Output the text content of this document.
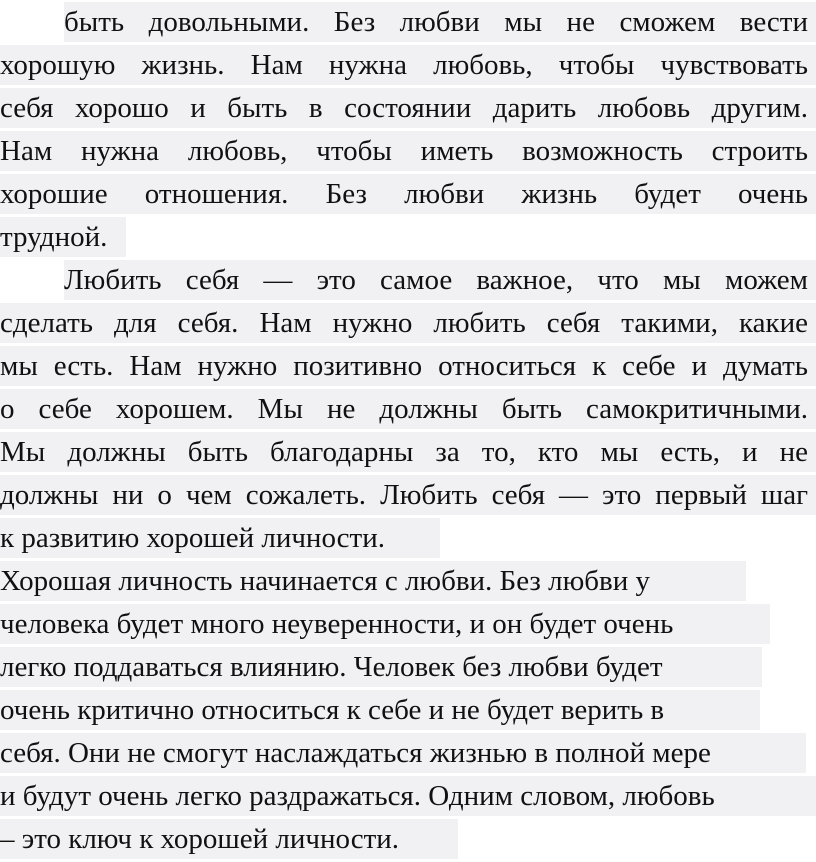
быть довольными. Без любви мы не сможем вести
хорошую жизнь. Нам нужна любовь, чтобы чувствовать
себя хорошо и быть в состоянии дарить любовь другим.
Нам нужна любовь, чтобы иметь возможность строить
хорошие отношения. Без любви жизнь будет очень
трудной.
Любить себя — это самое важное, что мы можем
сделать для себя. Нам нужно любить себя такими, какие
мы есть. Нам нужно позитивно относиться к себе и думать
о себе хорошем. Мы не должны быть самокритичными.
Мы должны быть благодарны за то, кто мы есть, и не
должны ни о чем сожалеть. Любить себя — это первый шаг
к развитию хорошей личности.
Хорошая личность начинается с любви. Без любви у
человека будет много неуверенности, и он будет очень
легко поддаваться влиянию. Человек без любви будет
очень критично относиться к себе и не будет верить в
себя. Они не смогут наслаждаться жизнью в полной мере
и будут очень легко раздражаться. Одним словом, любовь
– это ключ к хорошей личности.
